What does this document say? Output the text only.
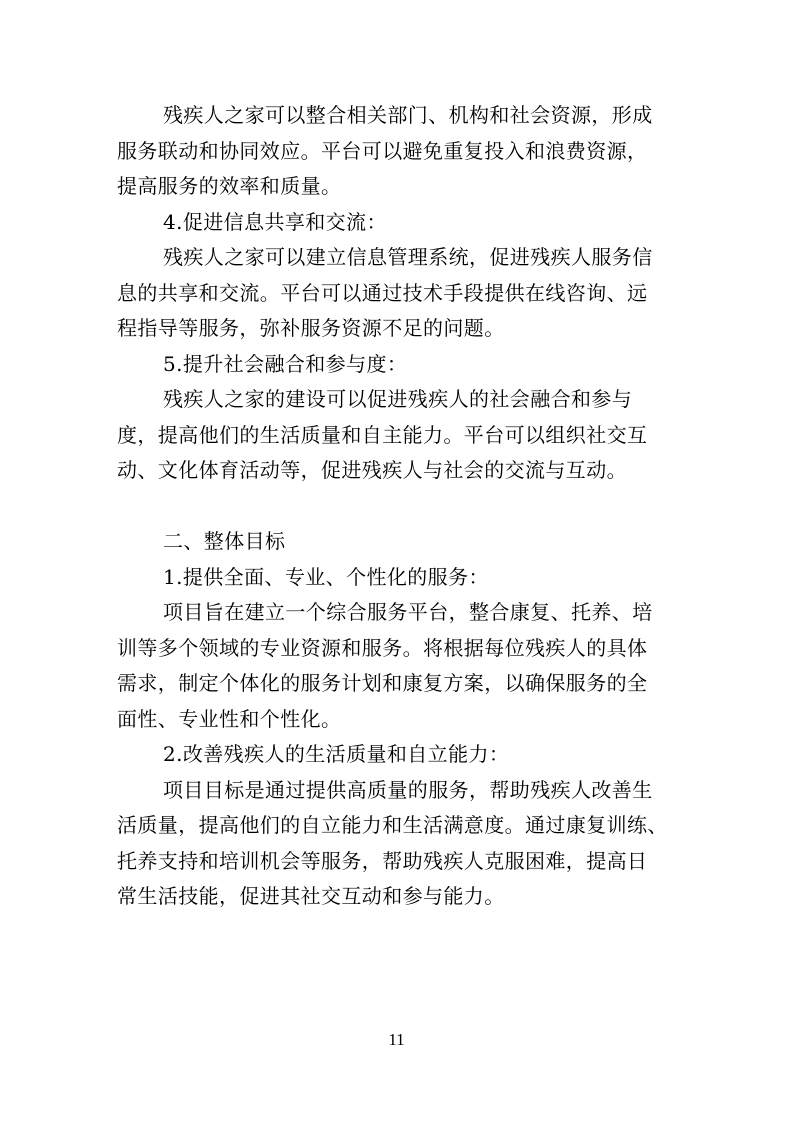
残疾人之家可以整合相关部门、机构和社会资源，形成
服务联动和协同效应。平台可以避免重复投入和浪费资源，
提高服务的效率和质量。
4.促进信息共享和交流：
残疾人之家可以建立信息管理系统，促进残疾人服务信
息的共享和交流。平台可以通过技术手段提供在线咨询、远
程指导等服务，弥补服务资源不足的问题。
5.提升社会融合和参与度：
残疾人之家的建设可以促进残疾人的社会融合和参与
度，提高他们的生活质量和自主能力。平台可以组织社交互
动、文化体育活动等，促进残疾人与社会的交流与互动。
二、整体目标
1.提供全面、专业、个性化的服务：
项目旨在建立一个综合服务平台，整合康复、托养、培
训等多个领域的专业资源和服务。将根据每位残疾人的具体
需求，制定个体化的服务计划和康复方案，以确保服务的全
面性、专业性和个性化。
2.改善残疾人的生活质量和自立能力：
项目目标是通过提供高质量的服务，帮助残疾人改善生
活质量，提高他们的自立能力和生活满意度。通过康复训练、
托养支持和培训机会等服务，帮助残疾人克服困难，提高日
常生活技能，促进其社交互动和参与能力。
11
